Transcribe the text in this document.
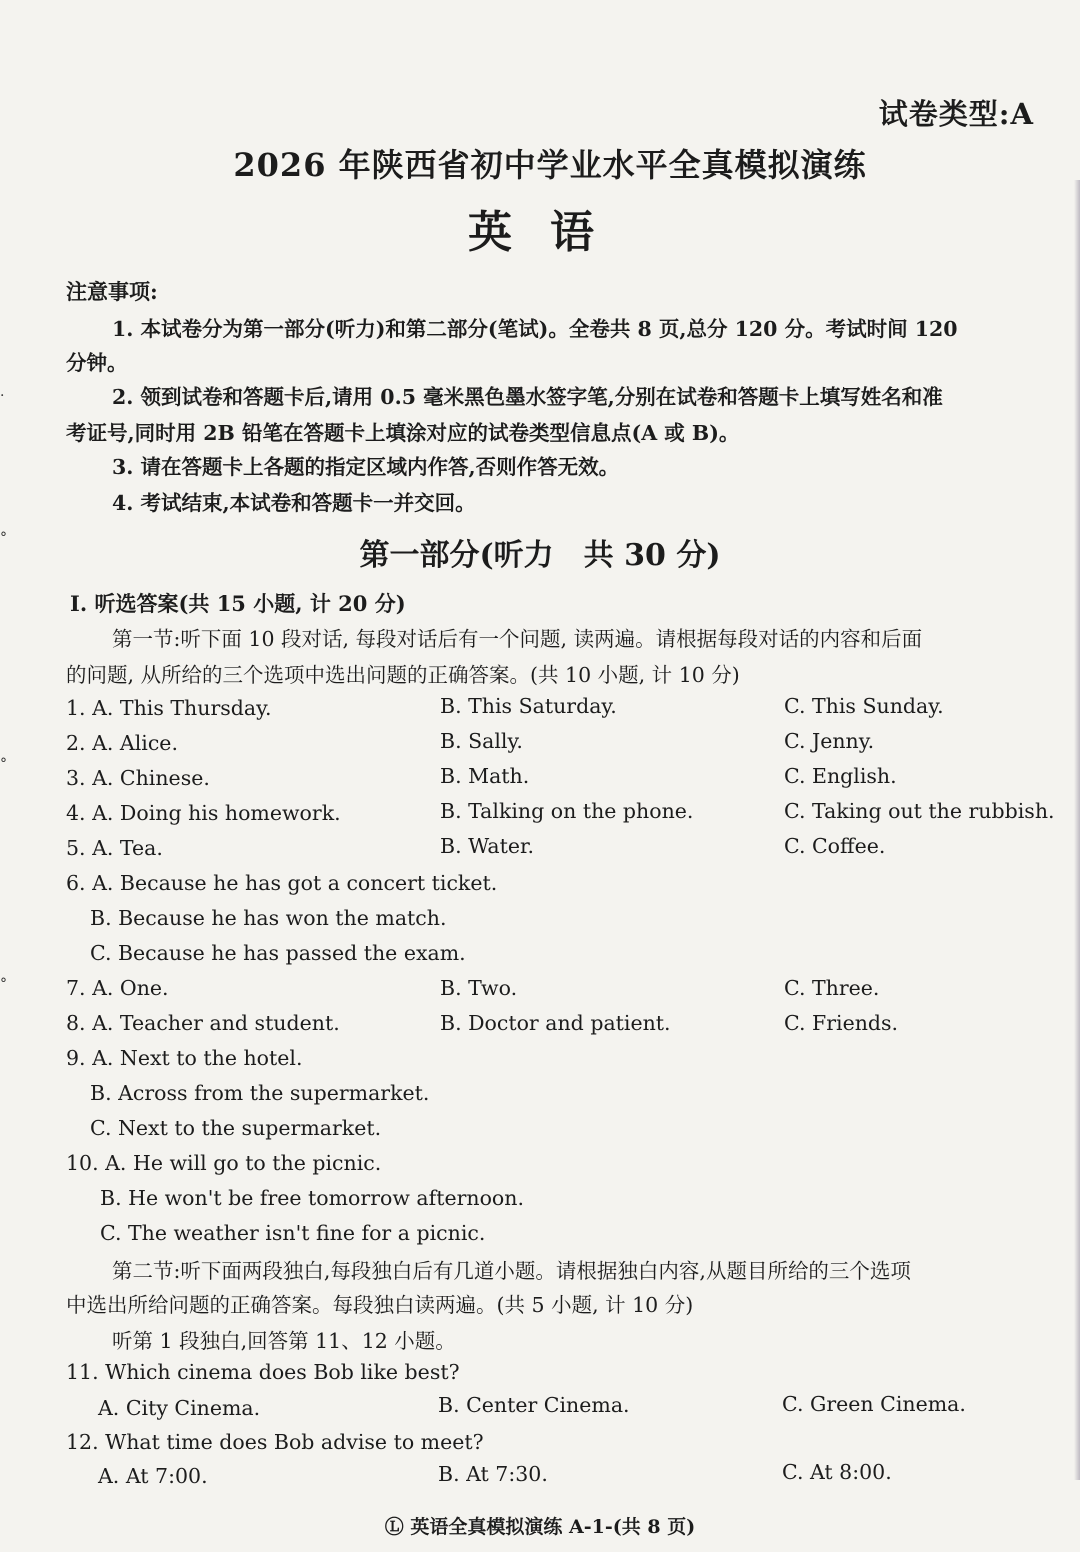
·
°
°
°
试卷类型:A
2026 年陕西省初中学业水平全真模拟演练
英语
注意事项:
1. 本试卷分为第一部分(听力)和第二部分(笔试)。全卷共 8 页,总分 120 分。考试时间 120
分钟。
2. 领到试卷和答题卡后,请用 0.5 毫米黑色墨水签字笔,分别在试卷和答题卡上填写姓名和准
考证号,同时用 2B 铅笔在答题卡上填涂对应的试卷类型信息点(A 或 B)。
3. 请在答题卡上各题的指定区域内作答,否则作答无效。
4. 考试结束,本试卷和答题卡一并交回。
第一部分(听力　共 30 分)
Ⅰ. 听选答案(共 15 小题, 计 20 分)
第一节:听下面 10 段对话, 每段对话后有一个问题, 读两遍。请根据每段对话的内容和后面
的问题, 从所给的三个选项中选出问题的正确答案。(共 10 小题, 计 10 分)
1. A. This Thursday.	B. This Saturday.	C. This Sunday.
2. A. Alice.	B. Sally.	C. Jenny.
3. A. Chinese.	B. Math.	C. English.
4. A. Doing his homework.	B. Talking on the phone.	C. Taking out the rubbish.
5. A. Tea.	B. Water.	C. Coffee.
6. A. Because he has got a concert ticket.
B. Because he has won the match.
C. Because he has passed the exam.
7. A. One.	B. Two.	C. Three.
8. A. Teacher and student.	B. Doctor and patient.	C. Friends.
9. A. Next to the hotel.
B. Across from the supermarket.
C. Next to the supermarket.
10. A. He will go to the picnic.
B. He won't be free tomorrow afternoon.
C. The weather isn't fine for a picnic.
第二节:听下面两段独白,每段独白后有几道小题。请根据独白内容,从题目所给的三个选项
中选出所给问题的正确答案。每段独白读两遍。(共 5 小题, 计 10 分)
听第 1 段独白,回答第 11、12 小题。
11. Which cinema does Bob like best?
A. City Cinema.	B. Center Cinema.	C. Green Cinema.
12. What time does Bob advise to meet?
A. At 7:00.	B. At 7:30.	C. At 8:00.
Ⓛ 英语全真模拟演练 A-1-(共 8 页)
